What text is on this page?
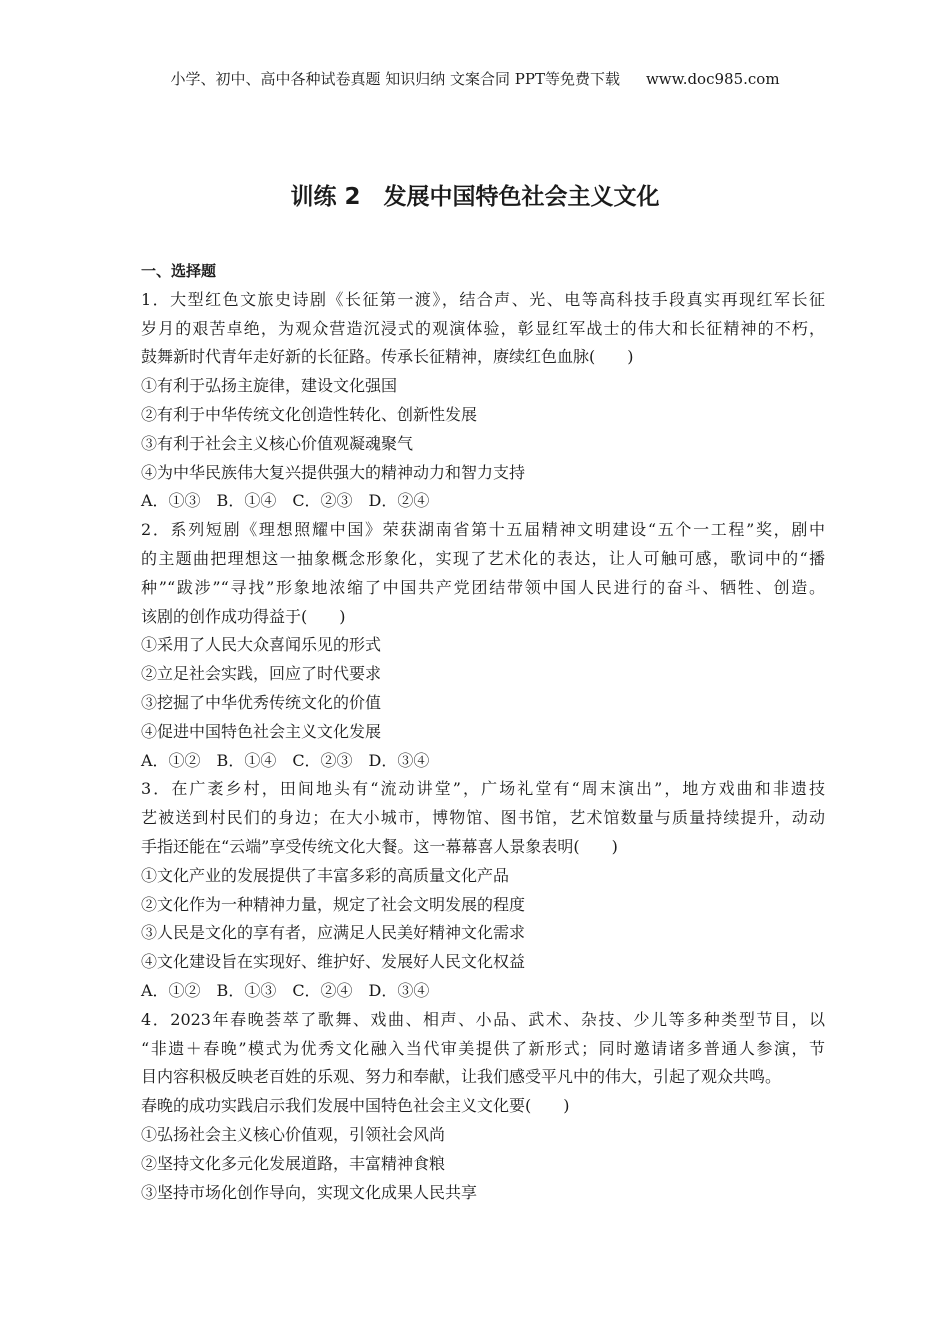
小学、初中、高中各种试卷真题 知识归纳 文案合同 PPT等免费下载 www.doc985.com
训练 2　发展中国特色社会主义文化
一、选择题
1．大型红色文旅史诗剧《长征第一渡》，结合声、光、电等高科技手段真实再现红军长征
岁月的艰苦卓绝，为观众营造沉浸式的观演体验，彰显红军战士的伟大和长征精神的不朽，
鼓舞新时代青年走好新的长征路。传承长征精神，赓续红色血脉(　　)
①有利于弘扬主旋律，建设文化强国
②有利于中华传统文化创造性转化、创新性发展
③有利于社会主义核心价值观凝魂聚气
④为中华民族伟大复兴提供强大的精神动力和智力支持
A．①③　B．①④　C．②③　D．②④
2．系列短剧《理想照耀中国》荣获湖南省第十五届精神文明建设“五个一工程”奖，剧中
的主题曲把理想这一抽象概念形象化，实现了艺术化的表达，让人可触可感，歌词中的“播
种”“跋涉”“寻找”形象地浓缩了中国共产党团结带领中国人民进行的奋斗、牺牲、创造。
该剧的创作成功得益于(　　)
①采用了人民大众喜闻乐见的形式
②立足社会实践，回应了时代要求
③挖掘了中华优秀传统文化的价值
④促进中国特色社会主义文化发展
A．①②　B．①④　C．②③　D．③④
3．在广袤乡村，田间地头有“流动讲堂”，广场礼堂有“周末演出”，地方戏曲和非遗技
艺被送到村民们的身边；在大小城市，博物馆、图书馆，艺术馆数量与质量持续提升，动动
手指还能在“云端”享受传统文化大餐。这一幕幕喜人景象表明(　　)
①文化产业的发展提供了丰富多彩的高质量文化产品
②文化作为一种精神力量，规定了社会文明发展的程度
③人民是文化的享有者，应满足人民美好精神文化需求
④文化建设旨在实现好、维护好、发展好人民文化权益
A．①②　B．①③　C．②④　D．③④
4．2023年春晚荟萃了歌舞、戏曲、相声、小品、武术、杂技、少儿等多种类型节目，以
“非遗＋春晚”模式为优秀文化融入当代审美提供了新形式；同时邀请诸多普通人参演，节
目内容积极反映老百姓的乐观、努力和奉献，让我们感受平凡中的伟大，引起了观众共鸣。
春晚的成功实践启示我们发展中国特色社会主义文化要(　　)
①弘扬社会主义核心价值观，引领社会风尚
②坚持文化多元化发展道路，丰富精神食粮
③坚持市场化创作导向，实现文化成果人民共享
